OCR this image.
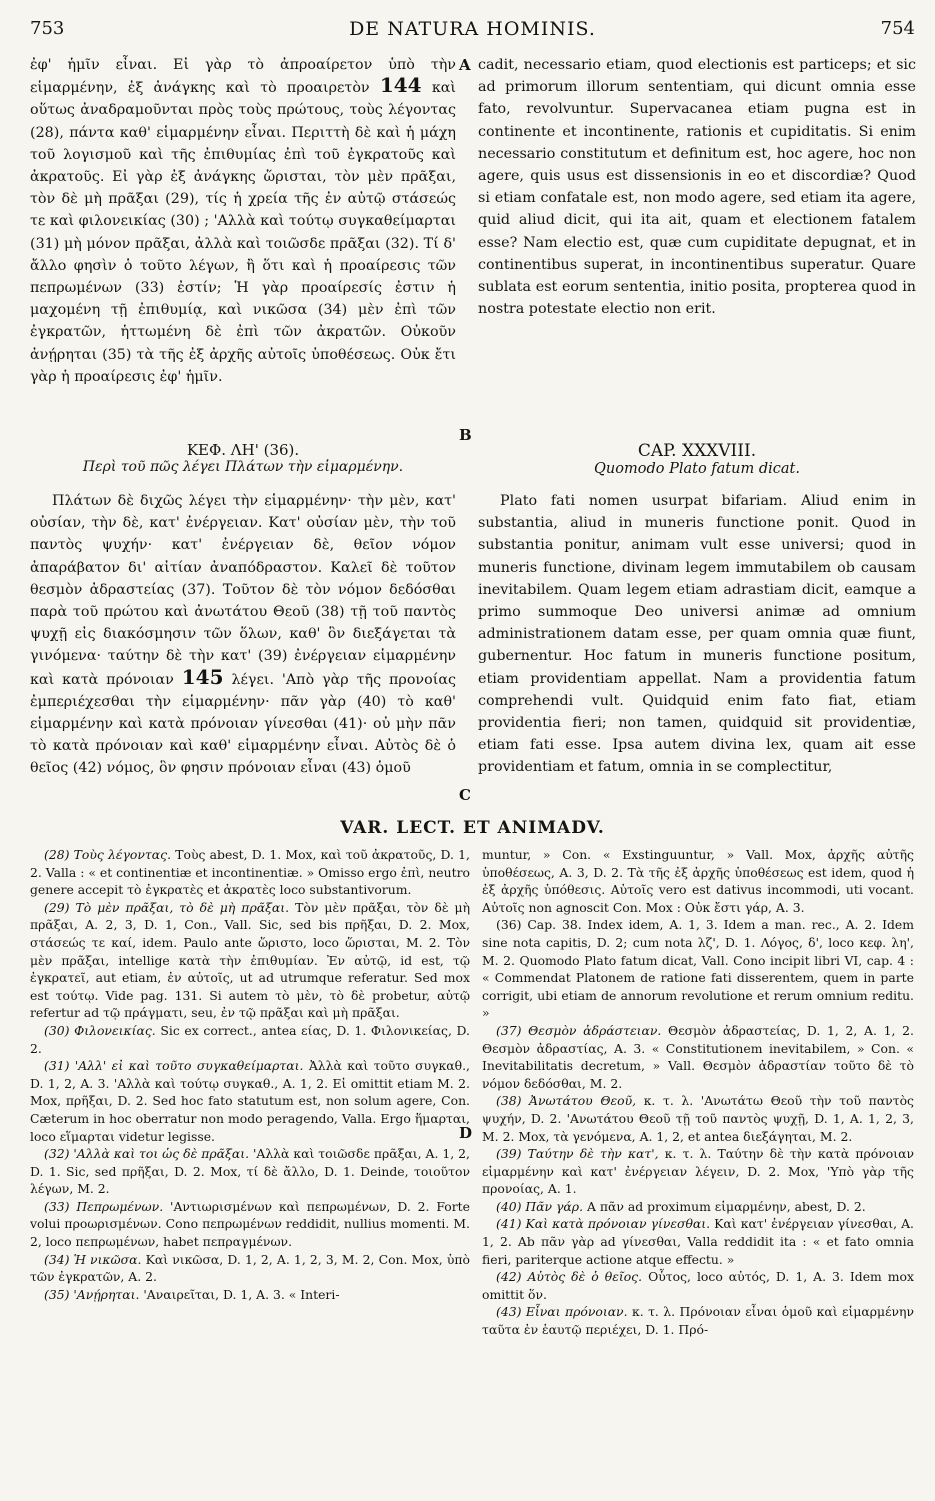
753	DE NATURA HOMINIS.	754
A
B
C
D

ἐφ' ἡμῖν εἶναι. Εἰ γὰρ τὸ ἀπροαίρετον ὑπὸ τὴν εἱμαρμένην, ἐξ ἀνάγκης καὶ τὸ προαιρετὸν 144 καὶ οὕτως ἀναδραμοῦνται πρὸς τοὺς πρώτους, τοὺς λέγοντας (28), πάντα καθ' εἱμαρμένην εἶναι. Περιττὴ δὲ καὶ ἡ μάχη τοῦ λογισμοῦ καὶ τῆς ἐπιθυμίας ἐπὶ τοῦ ἐγκρατοῦς καὶ ἀκρατοῦς. Εἰ γὰρ ἐξ ἀνάγκης ὥρισται, τὸν μὲν πρᾶξαι, τὸν δὲ μὴ πρᾶξαι (29), τίς ἡ χρεία τῆς ἐν αὐτῷ στάσεώς τε καὶ φιλονεικίας (30) ; 'Αλλὰ καὶ τούτῳ συγκαθείμαρται (31) μὴ μόνον πρᾶξαι, ἀλλὰ καὶ τοιῶσδε πρᾶξαι (32). Τί δ' ἄλλο φησὶν ὁ τοῦτο λέγων, ἢ ὅτι καὶ ἡ προαίρεσις τῶν πεπρωμένων (33) ἐστίν; Ἡ γὰρ προαίρεσίς ἐστιν ἡ μαχομένη τῇ ἐπιθυμίᾳ, καὶ νικῶσα (34) μὲν ἐπὶ τῶν ἐγκρατῶν, ἡττωμένη δὲ ἐπὶ τῶν ἀκρατῶν. Οὐκοῦν ἀνῄρηται (35) τὰ τῆς ἐξ ἀρχῆς αὐτοῖς ὑποθέσεως. Οὐκ ἔτι γὰρ ἡ προαίρεσις ἐφ' ἡμῖν.

cadit, necessario etiam, quod electionis est particeps; et sic ad primorum illorum sententiam, qui dicunt omnia esse fato, revolvuntur. Supervacanea etiam pugna est in continente et incontinente, rationis et cupiditatis. Si enim necessario constitutum et definitum est, hoc agere, hoc non agere, quis usus est dissensionis in eo et discordiæ? Quod si etiam confatale est, non modo agere, sed etiam ita agere, quid aliud dicit, qui ita ait, quam et electionem fatalem esse? Nam electio est, quæ cum cupiditate depugnat, et in continentibus superat, in incontinentibus superatur. Quare sublata est eorum sententia, initio posita, propterea quod in nostra potestate electio non erit.

ΚΕΦ. ΛΗ' (36).
Περὶ τοῦ πῶς λέγει Πλάτων τὴν εἱμαρμένην.
CAP. XXXVIII.
Quomodo Plato fatum dicat.

Πλάτων δὲ διχῶς λέγει τὴν εἱμαρμένην· τὴν μὲν, κατ' οὐσίαν, τὴν δὲ, κατ' ἐνέργειαν. Κατ' οὐσίαν μὲν, τὴν τοῦ παντὸς ψυχήν· κατ' ἐνέργειαν δὲ, θεῖον νόμον ἀπαράβατον δι' αἰτίαν ἀναπόδραστον. Καλεῖ δὲ τοῦτον θεσμὸν ἀδραστείας (37). Τοῦτον δὲ τὸν νόμον δεδόσθαι παρὰ τοῦ πρώτου καὶ ἀνωτάτου Θεοῦ (38) τῇ τοῦ παντὸς ψυχῇ εἰς διακόσμησιν τῶν ὅλων, καθ' ὃν διεξάγεται τὰ γινόμενα· ταύτην δὲ τὴν κατ' (39) ἐνέργειαν εἱμαρμένην καὶ κατὰ πρόνοιαν 145 λέγει. 'Απὸ γὰρ τῆς προνοίας ἐμπεριέχεσθαι τὴν εἱμαρμένην· πᾶν γὰρ (40) τὸ καθ' εἱμαρμένην καὶ κατὰ πρόνοιαν γίνεσθαι (41)· οὐ μὴν πᾶν τὸ κατὰ πρόνοιαν καὶ καθ' εἱμαρμένην εἶναι. Αὐτὸς δὲ ὁ θεῖος (42) νόμος, ὃν φησιν πρόνοιαν εἶναι (43) ὁμοῦ

Plato fati nomen usurpat bifariam. Aliud enim in substantia, aliud in muneris functione ponit. Quod in substantia ponitur, animam vult esse universi; quod in muneris functione, divinam legem immutabilem ob causam inevitabilem. Quam legem etiam adrastiam dicit, eamque a primo summoque Deo universi animæ ad omnium administrationem datam esse, per quam omnia quæ fiunt, gubernentur. Hoc fatum in muneris functione positum, etiam providentiam appellat. Nam a providentia fatum comprehendi vult. Quidquid enim fato fiat, etiam providentia fieri; non tamen, quidquid sit providentiæ, etiam fati esse. Ipsa autem divina lex, quam ait esse providentiam et fatum, omnia in se complectitur,

VAR. LECT. ET ANIMADV.

(28) Τοὺς λέγοντας. Τοὺς abest, D. 1. Mox, καὶ τοῦ ἀκρατοῦς, D. 1, 2. Valla : « et continentiæ et incontinentiæ. » Omisso ergo ἐπὶ, neutro genere accepit τὸ ἐγκρατὲς et ἀκρατὲς loco substantivorum.

(29) Τὸ μὲν πρᾶξαι, τὸ δὲ μὴ πρᾶξαι. Τὸν μὲν πρᾶξαι, τὸν δὲ μὴ πρᾶξαι, A. 2, 3, D. 1, Con., Vall. Sic, sed bis πρῆξαι, D. 2. Mox, στάσεώς τε καί, idem. Paulo ante ὥριστο, loco ὥρισται, M. 2. Τὸν μὲν πρᾶξαι, intellige κατὰ τὴν ἐπιθυμίαν. Ἐν αὐτῷ, id est, τῷ ἐγκρατεῖ, aut etiam, ἐν αὐτοῖς, ut ad utrumque referatur. Sed mox est τούτῳ. Vide pag. 131. Si autem τὸ μὲν, τὸ δὲ probetur, αὐτῷ refertur ad τῷ πράγματι, seu, ἐν τῷ πρᾶξαι καὶ μὴ πρᾶξαι.

(30) Φιλονεικίας. Sic ex correct., antea είας, D. 1. Φιλονικείας, D. 2.

(31) 'Αλλ' εἰ καὶ τοῦτο συγκαθείμαρται. Ἀλλὰ καὶ τοῦτο συγκαθ., D. 1, 2, A. 3. 'Αλλὰ καὶ τούτῳ συγκαθ., A. 1, 2. Εἰ omittit etiam M. 2. Mox, πρῆξαι, D. 2. Sed hoc fato statutum est, non solum agere, Con. Cæterum in hoc oberratur non modo peragendo, Valla. Ergo ἥμαρται, loco εἵμαρται videtur legisse.

(32) 'Αλλὰ καὶ τοι ὡς δὲ πρᾶξαι. 'Αλλὰ καὶ τοιῶσδε πρᾶξαι, A. 1, 2, D. 1. Sic, sed πρῆξαι, D. 2. Mox, τί δὲ ἄλλο, D. 1. Deinde, τοιοῦτον λέγων, M. 2.

(33) Πεπρωμένων. 'Αντιωρισμένων καὶ πεπρωμένων, D. 2. Forte volui προωρισμένων. Cono πεπρωμένων reddidit, nullius momenti. M. 2, loco πεπρωμένων, habet πεπραγμένων.

(34) Ἡ νικῶσα. Καὶ νικῶσα, D. 1, 2, A. 1, 2, 3, M. 2, Con. Mox, ὑπὸ τῶν ἐγκρατῶν, A. 2.

(35) 'Ανῄρηται. 'Αναιρεῖται, D. 1, A. 3. « Interi-

muntur, » Con. « Exstinguuntur, » Vall. Mox, ἀρχῆς αὐτῆς ὑποθέσεως, A. 3, D. 2. Τὰ τῆς ἐξ ἀρχῆς ὑποθέσεως est idem, quod ἡ ἐξ ἀρχῆς ὑπόθεσις. Αὐτοῖς vero est dativus incommodi, uti vocant. Αὐτοῖς non agnoscit Con. Mox : Οὐκ ἔστι γάρ, A. 3.

(36) Cap. 38. Index idem, A. 1, 3. Idem a man. rec., A. 2. Idem sine nota capitis, D. 2; cum nota λζ', D. 1. Λόγος, δ', loco κεφ. λη', M. 2. Quomodo Plato fatum dicat, Vall. Cono incipit libri VI, cap. 4 : « Commendat Platonem de ratione fati disserentem, quem in parte corrigit, ubi etiam de annorum revolutione et rerum omnium reditu. »

(37) Θεσμὸν ἀδράστειαν. Θεσμὸν ἀδραστείας, D. 1, 2, A. 1, 2. Θεσμὸν ἀδραστίας, A. 3. « Constitutionem inevitabilem, » Con. « Inevitabilitatis decretum, » Vall. Θεσμὸν ἀδραστίαν τοῦτο δὲ τὸ νόμον δεδόσθαι, M. 2.

(38) Ἀνωτάτου Θεοῦ, κ. τ. λ. 'Ανωτάτω Θεοῦ τὴν τοῦ παντὸς ψυχήν, D. 2. 'Ανωτάτου Θεοῦ τῇ τοῦ παντὸς ψυχῇ, D. 1, A. 1, 2, 3, M. 2. Mox, τὰ γενόμενα, A. 1, 2, et antea διεξάγηται, M. 2.

(39) Ταύτην δὲ τὴν κατ', κ. τ. λ. Ταύτην δὲ τὴν κατὰ πρόνοιαν εἱμαρμένην καὶ κατ' ἐνέργειαν λέγειν, D. 2. Mox, 'Υπὸ γὰρ τῆς προνοίας, A. 1.

(40) Πᾶν γάρ. A πᾶν ad proximum εἱμαρμένην, abest, D. 2.

(41) Καὶ κατὰ πρόνοιαν γίνεσθαι. Καὶ κατ' ἐνέργειαν γίνεσθαι, A. 1, 2. Ab πᾶν γὰρ ad γίνεσθαι, Valla reddidit ita : « et fato omnia fieri, pariterque actione atque effectu. »

(42) Αὐτὸς δὲ ὁ θεῖος. Οὗτος, loco αὐτός, D. 1, A. 3. Idem mox omittit ὅν.

(43) Εἶναι πρόνοιαν. κ. τ. λ. Πρόνοιαν εἶναι ὁμοῦ καὶ εἱμαρμένην ταῦτα ἐν ἑαυτῷ περιέχει, D. 1. Πρό-
